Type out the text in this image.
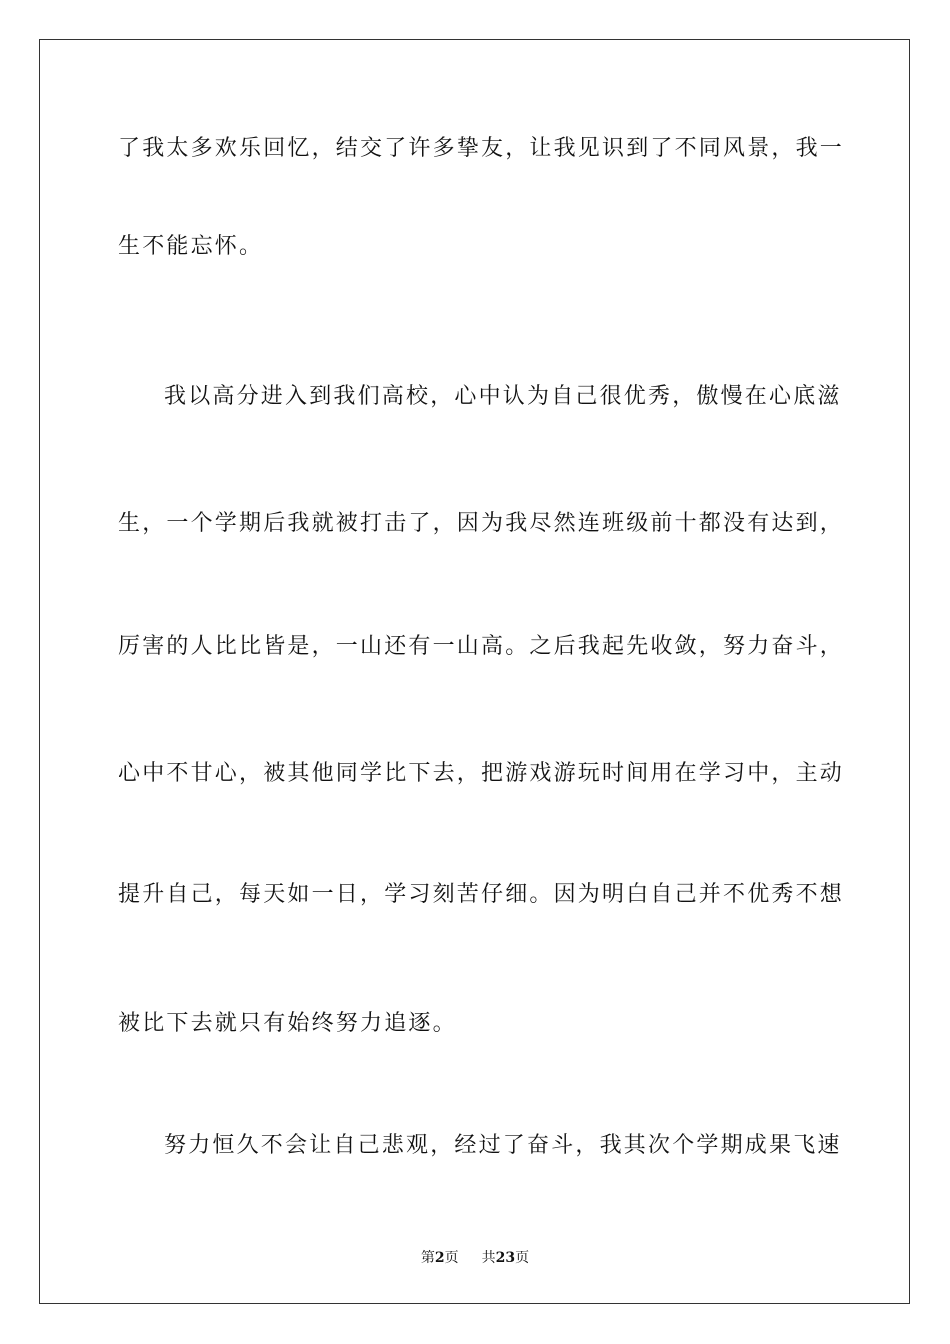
了我太多欢乐回忆，结交了许多挚友，让我见识到了不同风景，我一
生不能忘怀。
我以高分进入到我们高校，心中认为自己很优秀，傲慢在心底滋
生，一个学期后我就被打击了，因为我尽然连班级前十都没有达到，
厉害的人比比皆是，一山还有一山高。之后我起先收敛，努力奋斗，
心中不甘心，被其他同学比下去，把游戏游玩时间用在学习中，主动
提升自己，每天如一日，学习刻苦仔细。因为明白自己并不优秀不想
被比下去就只有始终努力追逐。
努力恒久不会让自己悲观，经过了奋斗，我其次个学期成果飞速
第2页 共23页
